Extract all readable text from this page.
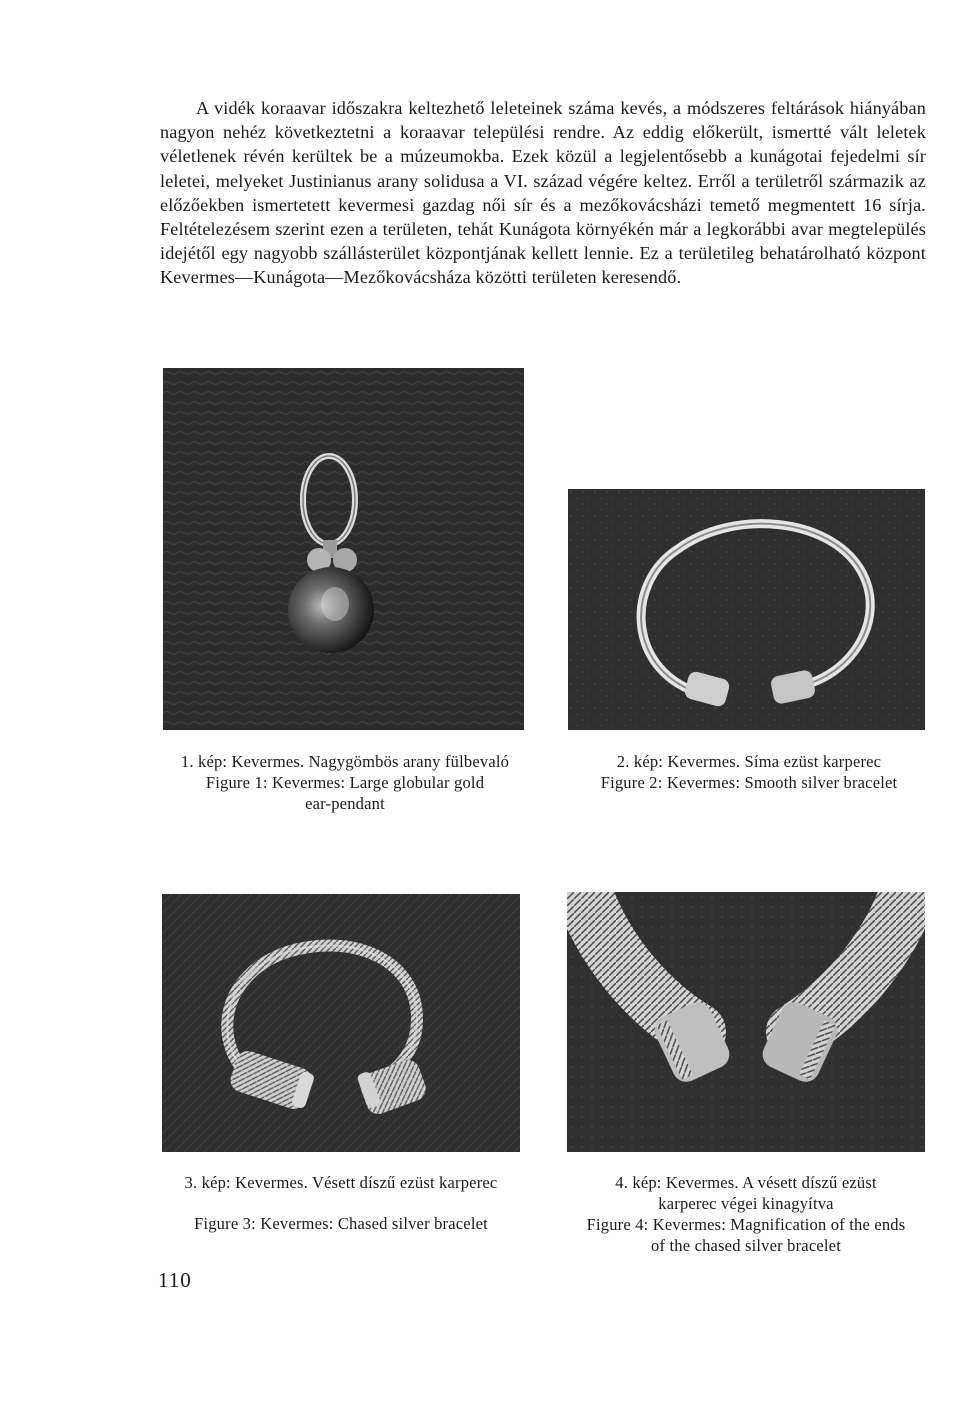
A vidék koraavar időszakra keltezhető leleteinek száma kevés, a módszeres feltárások hiányában nagyon nehéz következtetni a koraavar települési rendre. Az eddig előkerült, ismertté vált leletek véletlenek révén kerültek be a múzeumokba. Ezek közül a legjelentősebb a kunágotai fejedelmi sír leletei, melyeket Justinianus arany solidusa a VI. század végére keltez. Erről a területről származik az előzőekben ismertetett kevermesi gazdag női sír és a mezőkovácsházi temető megmentett 16 sírja. Feltételezésem szerint ezen a területen, tehát Kunágota környékén már a legkorábbi avar megtelepülés idejétől egy nagyobb szállásterület központjának kellett lennie. Ez a területileg behatárolható központ Kevermes—Kunágota—Mezőkovácsháza közötti területen keresendő.
1. kép: Kevermes. Nagygömbös arany fülbevaló
Figure 1: Kevermes: Large globular gold
ear-pendant
2. kép: Kevermes. Síma ezüst karperec
Figure 2: Kevermes: Smooth silver bracelet
3. kép: Kevermes. Vésett díszű ezüst karperec
Figure 3: Kevermes: Chased silver bracelet
4. kép: Kevermes. A vésett díszű ezüst
karperec végei kinagyítva
Figure 4: Kevermes: Magnification of the ends
of the chased silver bracelet
110
